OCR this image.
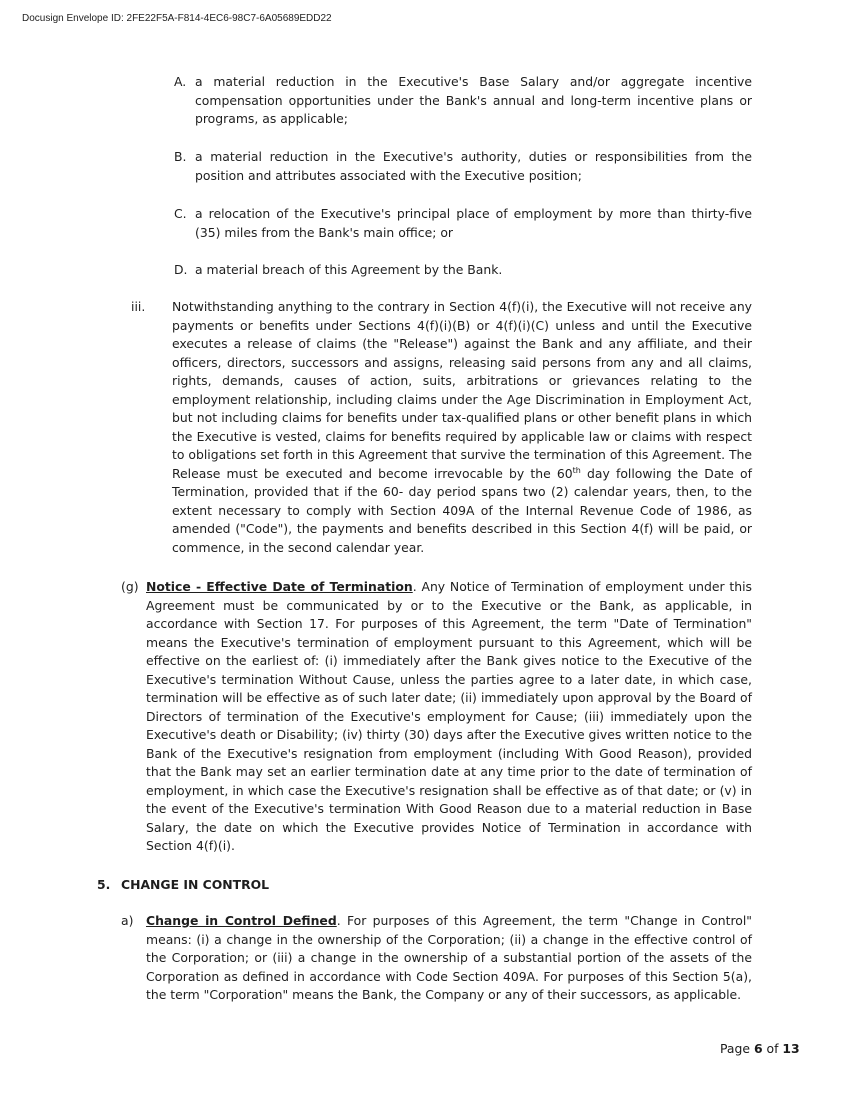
Docusign Envelope ID: 2FE22F5A-F814-4EC6-98C7-6A05689EDD22
A. a material reduction in the Executive's Base Salary and/or aggregate incentive compensation opportunities under the Bank's annual and long-term incentive plans or programs, as applicable;
B. a material reduction in the Executive's authority, duties or responsibilities from the position and attributes associated with the Executive position;
C. a relocation of the Executive's principal place of employment by more than thirty-five (35) miles from the Bank's main office; or
D. a material breach of this Agreement by the Bank.
iii. Notwithstanding anything to the contrary in Section 4(f)(i), the Executive will not receive any payments or benefits under Sections 4(f)(i)(B) or 4(f)(i)(C) unless and until the Executive executes a release of claims (the "Release") against the Bank and any affiliate, and their officers, directors, successors and assigns, releasing said persons from any and all claims, rights, demands, causes of action, suits, arbitrations or grievances relating to the employment relationship, including claims under the Age Discrimination in Employment Act, but not including claims for benefits under tax-qualified plans or other benefit plans in which the Executive is vested, claims for benefits required by applicable law or claims with respect to obligations set forth in this Agreement that survive the termination of this Agreement. The Release must be executed and become irrevocable by the 60th day following the Date of Termination, provided that if the 60- day period spans two (2) calendar years, then, to the extent necessary to comply with Section 409A of the Internal Revenue Code of 1986, as amended ("Code"), the payments and benefits described in this Section 4(f) will be paid, or commence, in the second calendar year.
(g) Notice - Effective Date of Termination. Any Notice of Termination of employment under this Agreement must be communicated by or to the Executive or the Bank, as applicable, in accordance with Section 17. For purposes of this Agreement, the term "Date of Termination" means the Executive's termination of employment pursuant to this Agreement, which will be effective on the earliest of: (i) immediately after the Bank gives notice to the Executive of the Executive's termination Without Cause, unless the parties agree to a later date, in which case, termination will be effective as of such later date; (ii) immediately upon approval by the Board of Directors of termination of the Executive's employment for Cause; (iii) immediately upon the Executive's death or Disability; (iv) thirty (30) days after the Executive gives written notice to the Bank of the Executive's resignation from employment (including With Good Reason), provided that the Bank may set an earlier termination date at any time prior to the date of termination of employment, in which case the Executive's resignation shall be effective as of that date; or (v) in the event of the Executive's termination With Good Reason due to a material reduction in Base Salary, the date on which the Executive provides Notice of Termination in accordance with Section 4(f)(i).
5. CHANGE IN CONTROL
a) Change in Control Defined. For purposes of this Agreement, the term "Change in Control" means: (i) a change in the ownership of the Corporation; (ii) a change in the effective control of the Corporation; or (iii) a change in the ownership of a substantial portion of the assets of the Corporation as defined in accordance with Code Section 409A. For purposes of this Section 5(a), the term "Corporation" means the Bank, the Company or any of their successors, as applicable.
Page 6 of 13
